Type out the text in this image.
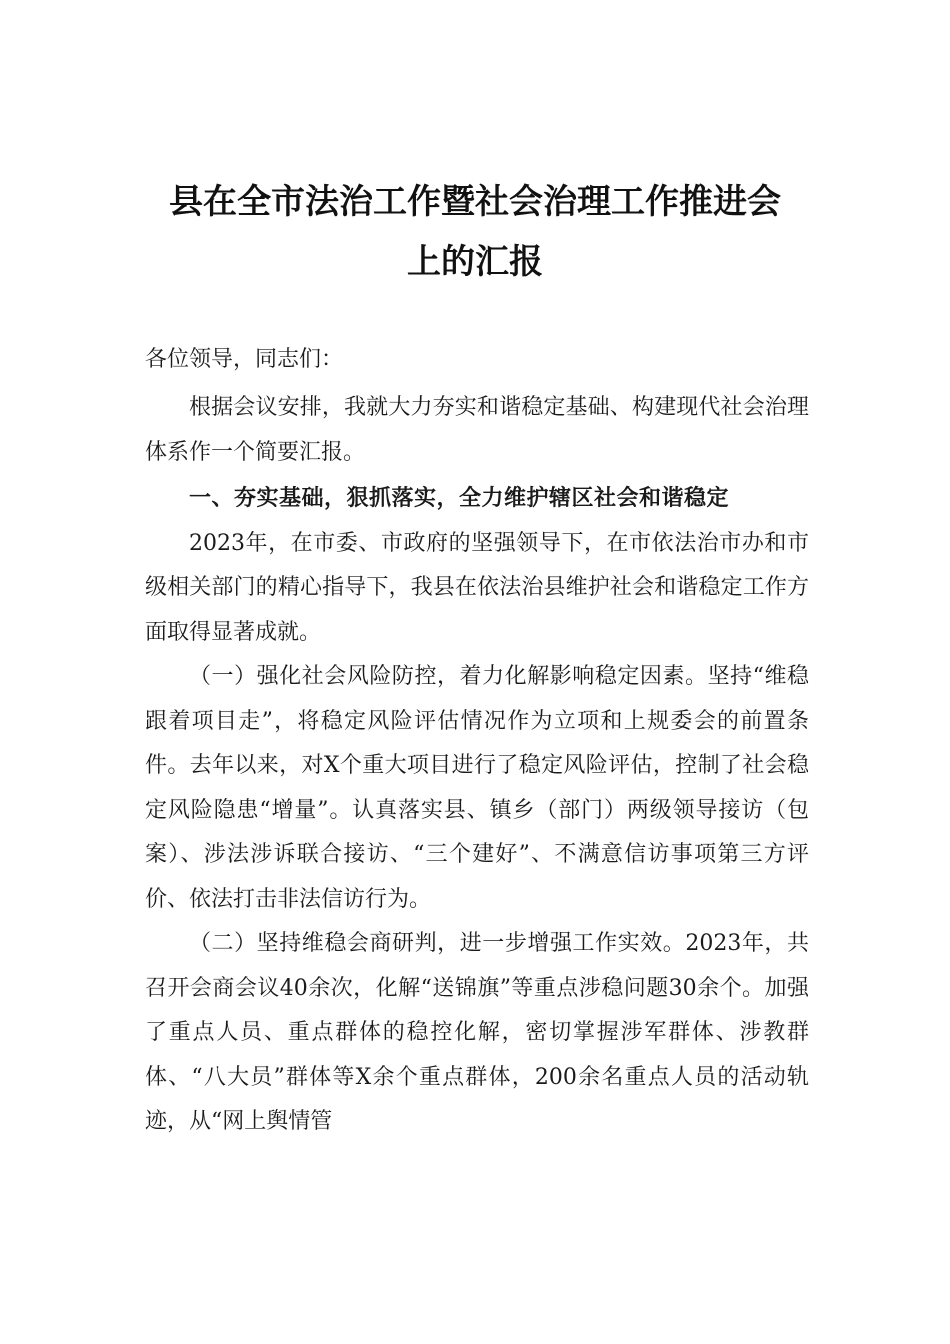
县在全市法治工作暨社会治理工作推进会
上的汇报
各位领导，同志们：

根据会议安排，我就大力夯实和谐稳定基础、构建现代社会治理体系作一个简要汇报。

一、夯实基础，狠抓落实，全力维护辖区社会和谐稳定

2023年，在市委、市政府的坚强领导下，在市依法治市办和市级相关部门的精心指导下，我县在依法治县维护社会和谐稳定工作方面取得显著成就。

（一）强化社会风险防控，着力化解影响稳定因素。坚持“维稳跟着项目走”，将稳定风险评估情况作为立项和上规委会的前置条件。去年以来，对X个重大项目进行了稳定风险评估，控制了社会稳定风险隐患“增量”。认真落实县、镇乡（部门）两级领导接访（包案）、涉法涉诉联合接访、“三个建好”、不满意信访事项第三方评价、依法打击非法信访行为。

（二）坚持维稳会商研判，进一步增强工作实效。2023年，共召开会商会议40余次，化解“送锦旗”等重点涉稳问题30余个。加强了重点人员、重点群体的稳控化解，密切掌握涉军群体、涉教群体、“八大员”群体等X余个重点群体，200余名重点人员的活动轨迹，从“网上舆情管
